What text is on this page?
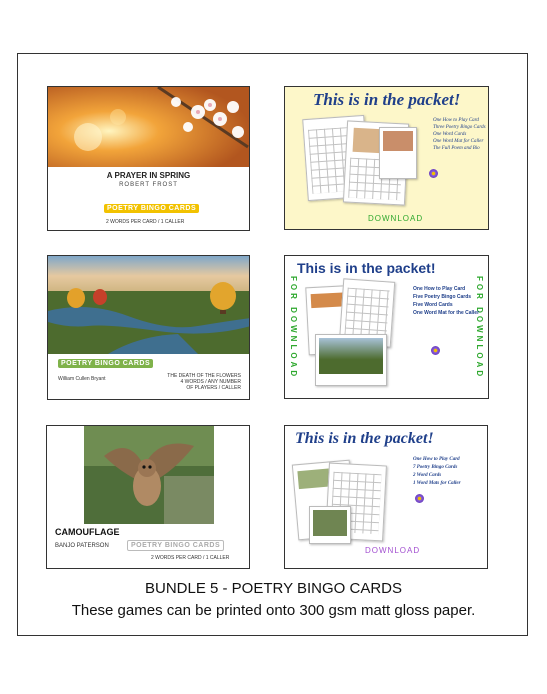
A PRAYER IN SPRING
ROBERT FROST
POETRY BINGO CARDS
2 WORDS PER CARD / 1 CALLER
This is in the packet!
One How to Play Card
Three Poetry Bingo Cards
One Word Cards
One Word Mat for Caller
The Full Poem and Bio
DOWNLOAD
POETRY BINGO CARDS
William Cullen Bryant	THE DEATH OF THE FLOWERS
4 WORDS / ANY NUMBER
OF PLAYERS / CALLER
This is in the packet!
FOR DOWNLOAD	FOR DOWNLOAD
One How to Play Card
Five Poetry Bingo Cards
Five Word Cards
One Word Mat for the Caller
CAMOUFLAGE
BANJO PATERSON	POETRY BINGO CARDS
2 WORDS PER CARD / 1 CALLER
This is in the packet!
One How to Play Card
7 Poetry Bingo Cards
2 Word Cards
1 Word Mats for Caller
DOWNLOAD
BUNDLE 5 - POETRY BINGO CARDS
These games can be printed onto 300 gsm matt gloss paper.
